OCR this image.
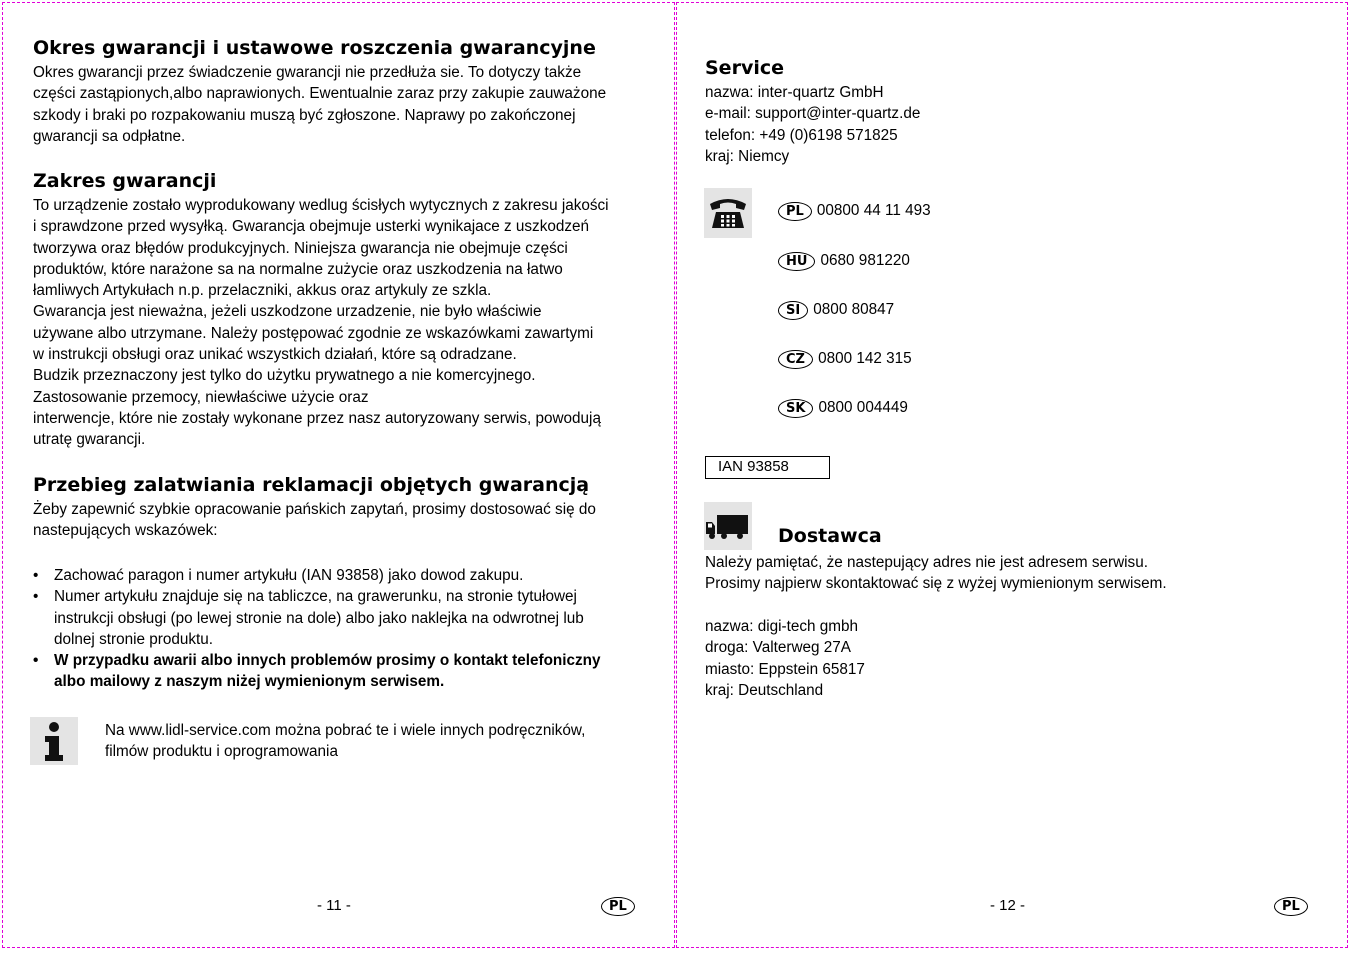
Okres gwarancji i ustawowe roszczenia gwarancyjne
Okres gwarancji przez świadczenie gwarancji nie przedłuża sie. To dotyczy także
części zastąpionych,albo naprawionych. Ewentualnie zaraz przy zakupie zauważone
szkody i braki po rozpakowaniu muszą być zgłoszone. Naprawy po zakończonej
gwarancji sa odpłatne.
Zakres gwarancji
To urządzenie zostało wyprodukowany wedlug ścisłych wytycznych z zakresu jakości
i sprawdzone przed wysyłką. Gwarancja obejmuje usterki wynikajace z uszkodzeń
tworzywa oraz błędów produkcyjnych. Niniejsza gwarancja nie obejmuje części
produktów, które narażone sa na normalne zużycie oraz uszkodzenia na łatwo
łamliwych Artykułach n.p. przelaczniki, akkus oraz artykuly ze szkla.
Gwarancja jest nieważna, jeżeli uszkodzone urzadzenie, nie było właściwie
używane albo utrzymane. Należy postępować zgodnie ze wskazówkami zawartymi
w instrukcji obsługi oraz unikać wszystkich działań, które są odradzane.
Budzik przeznaczony jest tylko do użytku prywatnego a nie komercyjnego.
Zastosowanie przemocy, niewłaściwe użycie oraz
interwencje, które nie zostały wykonane przez nasz autoryzowany serwis, powodują
utratę gwarancji.
Przebieg zalatwiania reklamacji objętych gwarancją
Żeby zapewnić szybkie opracowanie pańskich zapytań, prosimy dostosować się do
nastepujących wskazówek:
• Zachować paragon i numer artykułu (IAN 93858) jako dowod zakupu.
• Numer artykułu znajduje się na tabliczce, na grawerunku, na stronie tytułowej
instrukcji obsługi (po lewej stronie na dole) albo jako naklejka na odwrotnej lub
dolnej stronie produktu.
• W przypadku awarii albo innych problemów prosimy o kontakt telefoniczny
albo mailowy z naszym niżej wymienionym serwisem.
Na www.lidl-service.com można pobrać te i wiele innych podręczników,
filmów produktu i oprogramowania
- 11 -	PL
Service
nazwa: inter-quartz GmbH
e-mail: support@inter-quartz.de
telefon: +49 (0)6198 571825
kraj: Niemcy
PL 00800 44 11 493
HU 0680 981220
SI 0800 80847
CZ 0800 142 315
SK 0800 004449
IAN 93858
Dostawca
Należy pamiętać, że nastepujący adres nie jest adresem serwisu.
Prosimy najpierw skontaktować się z wyżej wymienionym serwisem.
nazwa: digi-tech gmbh
droga: Valterweg 27A
miasto: Eppstein 65817
kraj: Deutschland
- 12 -	PL
